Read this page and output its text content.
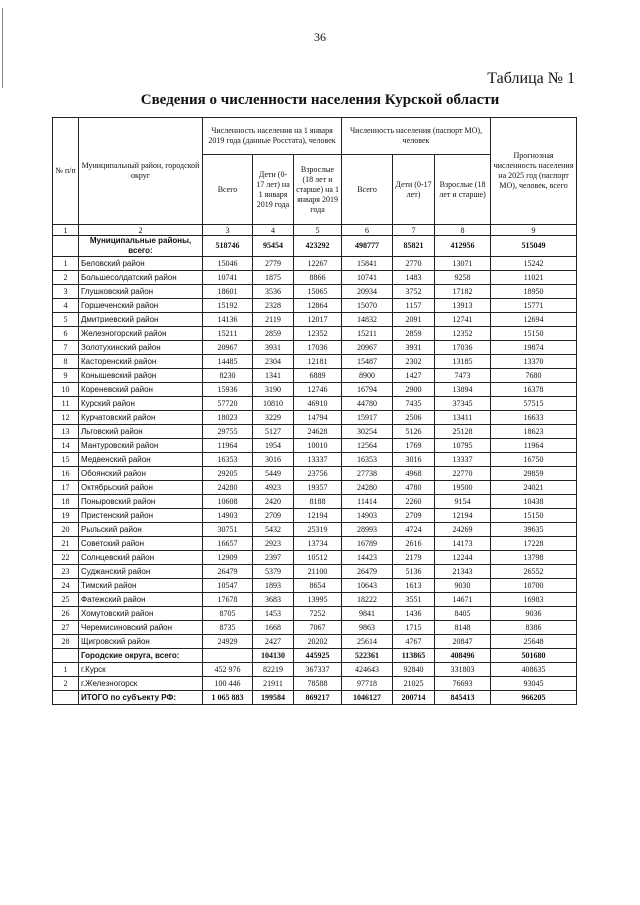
36
Таблица № 1
Сведения о численности населения Курской области
№ п/п	Муниципальный район, городской округ	Численность населения на 1 января 2019 года (данные Росстата), человек			Численность населения (паспорт МО), человек			Прогнозная численность населения на 2025 год (паспорт МО), человек, всего
		Всего	Дети (0-17 лет) на 1 января 2019 года	Взрослые (18 лет и старше) на 1 января 2019 года	Всего	Дети (0-17 лет)	Взрослые (18 лет и старше)	
1	2	3	4	5	6	7	8	9
	Муниципальные районы, всего:	518746	95454	423292	498777	85821	412956	515049
1	Беловский район	15046	2779	12267	15841	2770	13071	15242
2	Большесолдатский район	10741	1875	8866	10741	1483	9258	11021
3	Глушковский район	18601	3536	15065	20934	3752	17182	18950
4	Горшеченский район	15192	2328	12864	15070	1157	13913	15771
5	Дмитриевский район	14136	2119	12017	14832	2091	12741	12694
6	Железногорский район	15211	2859	12352	15211	2859	12352	15150
7	Золотухинский район	20967	3931	17036	20967	3931	17036	19874
8	Касторенский район	14485	2304	12181	15487	2302	13185	13370
9	Конышевский район	8230	1341	6889	8900	1427	7473	7680
10	Кореневский район	15936	3190	12746	16794	2900	13894	16378
11	Курский район	57720	10810	46910	44780	7435	37345	57515
12	Курчатовский район	18023	3229	14794	15917	2506	13411	16633
13	Льговский район	29755	5127	24628	30254	5126	25128	18623
14	Мантуровский район	11964	1954	10010	12564	1769	10795	11964
15	Медвенский район	16353	3016	13337	16353	3016	13337	16750
16	Обоянский район	29205	5449	23756	27738	4968	22770	29859
17	Октябрьский район	24280	4923	19357	24280	4780	19500	24021
18	Поныровский район	10608	2420	8188	11414	2260	9154	10438
19	Пристенский район	14903	2709	12194	14903	2709	12194	15150
20	Рыльский район	30751	5432	25319	28993	4724	24269	39635
21	Советский район	16657	2923	13734	16789	2616	14173	17228
22	Солнцевский район	12909	2397	10512	14423	2179	12244	13798
23	Суджанский район	26479	5379	21100	26479	5136	21343	26552
24	Тимский район	10547	1893	8654	10643	1613	9030	10700
25	Фатежский район	17678	3683	13995	18222	3551	14671	16983
26	Хомутовский район	8705	1453	7252	9841	1436	8405	9036
27	Черемисиновский район	8735	1668	7067	9863	1715	8148	8386
28	Щигровский район	24929	2427	20202	25614	4767	20847	25648
	Городские округа, всего:		104130	445925	522361	113865	408496	501680
1	г.Курск	452 976	82219	367337	424643	92840	331803	408635
2	г.Железногорск	100 446	21911	78588	97718	21025	76693	93045
	ИТОГО по субъекту РФ:	1 065 883	199584	869217	1046127	200714	845413	966205
